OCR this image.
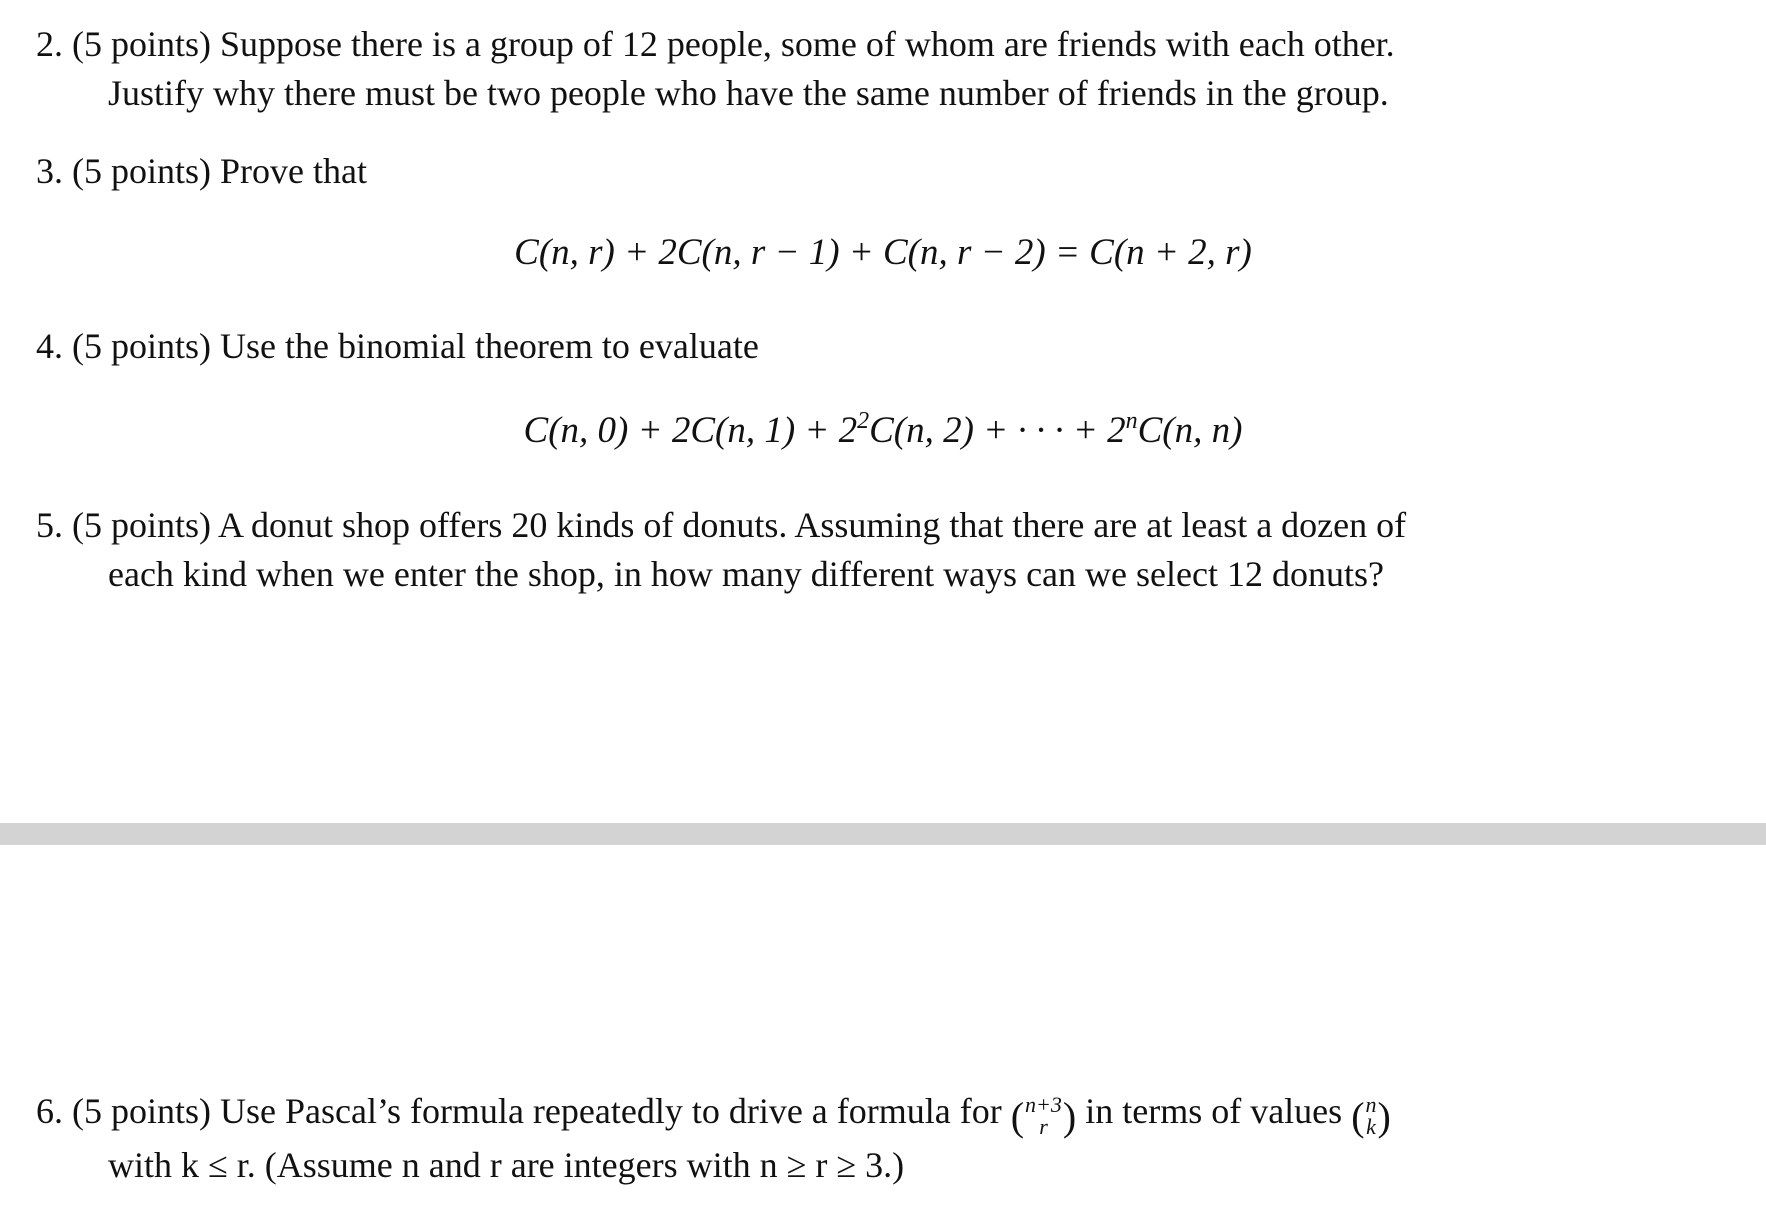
2. (5 points) Suppose there is a group of 12 people, some of whom are friends with each other.
Justify why there must be two people who have the same number of friends in the group.
3. (5 points) Prove that
C(n, r) + 2C(n, r − 1) + C(n, r − 2) = C(n + 2, r)
4. (5 points) Use the binomial theorem to evaluate
C(n, 0) + 2C(n, $1) + 2^2C(n$, 2) + · · · + $2^nC(n$, n)
5. (5 points) A donut shop offers 20 kinds of donuts. Assuming that there are at least a dozen of
each kind when we enter the shop, in how many different ways can we select 12 donuts?
6. (5 points) Use Pascal’s formula repeatedly to drive a formula for ( n+3
r ) in terms of values ( n
k )
with k ≤ r. (Assume n and r are integers with n ≥ r ≥ 3.)
